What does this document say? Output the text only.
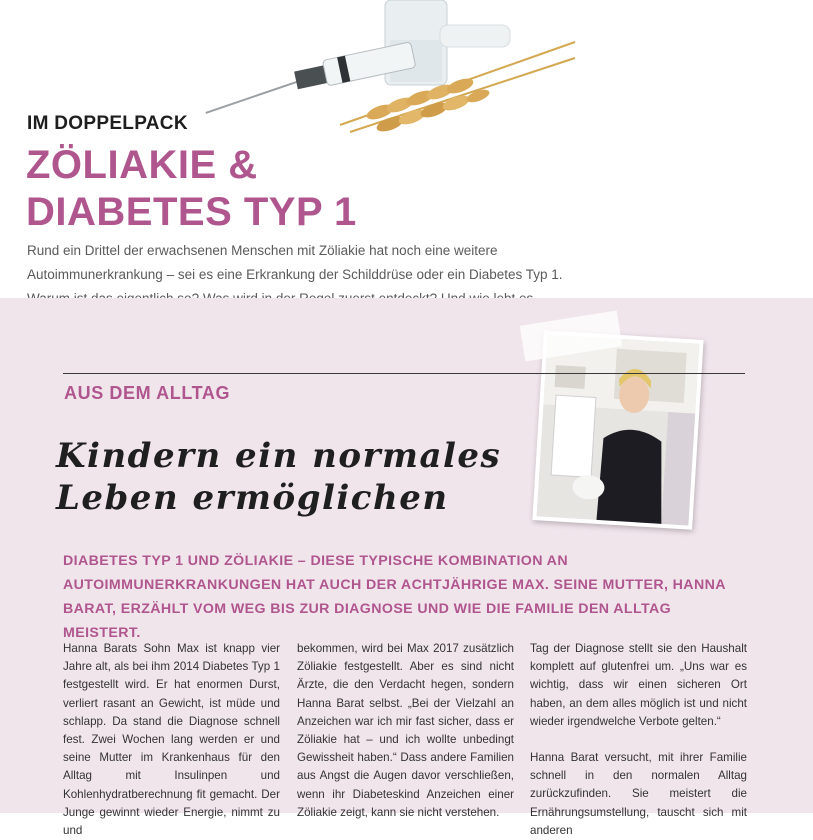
IM DOPPELPACK
ZÖLIAKIE &
DIABETES TYP 1

Rund ein Drittel der erwachsenen Menschen mit Zöliakie hat noch eine weitere Autoimmunerkrankung – sei es eine Erkrankung der Schilddrüse oder ein Diabetes Typ 1.

AUS DEM ALLTAG
Kindern ein normales
Leben ermöglichen

DIABETES TYP 1 UND ZÖLIAKIE – DIESE TYPISCHE KOMBINATION AN AUTOIMMUNERKRANKUNGEN HAT AUCH DER ACHTJÄHRIGE MAX. SEINE MUTTER, HANNA BARAT, ERZÄHLT VOM WEG BIS ZUR DIAGNOSE UND WIE DIE FAMILIE DEN ALLTAG MEISTERT.

Hanna Barats Sohn Max ist knapp vier Jahre alt, als bei ihm 2014 Diabetes Typ 1 festgestellt wird. Er hat enormen Durst, verliert rasant an Gewicht, ist müde und schlapp. Da stand die Diagnose schnell fest. Zwei Wochen lang werden er und seine Mutter im Krankenhaus für den Alltag mit Insulinpen und Kohlenhydratberechnung fit gemacht. Der Junge gewinnt wieder Energie, nimmt zu und

bekommen, wird bei Max 2017 zusätzlich Zöliakie festgestellt. Aber es sind nicht Ärzte, die den Verdacht hegen, sondern Hanna Barat selbst. „Bei der Vielzahl an Anzeichen war ich mir fast sicher, dass er Zöliakie hat – und ich wollte unbedingt Gewissheit haben.“ Dass andere Familien aus Angst die Augen davor verschließen, wenn ihr Diabeteskind Anzeichen einer Zöliakie zeigt, kann sie nicht verstehen.

Tag der Diagnose stellt sie den Haushalt komplett auf glutenfrei um. „Uns war es wichtig, dass wir einen sicheren Ort haben, an dem alles möglich ist und nicht wieder irgendwelche Verbote gelten.“

Hanna Barat versucht, mit ihrer Familie schnell in den normalen Alltag zurückzufinden. Sie meistert die Ernährungsumstellung, tauscht sich mit anderen
